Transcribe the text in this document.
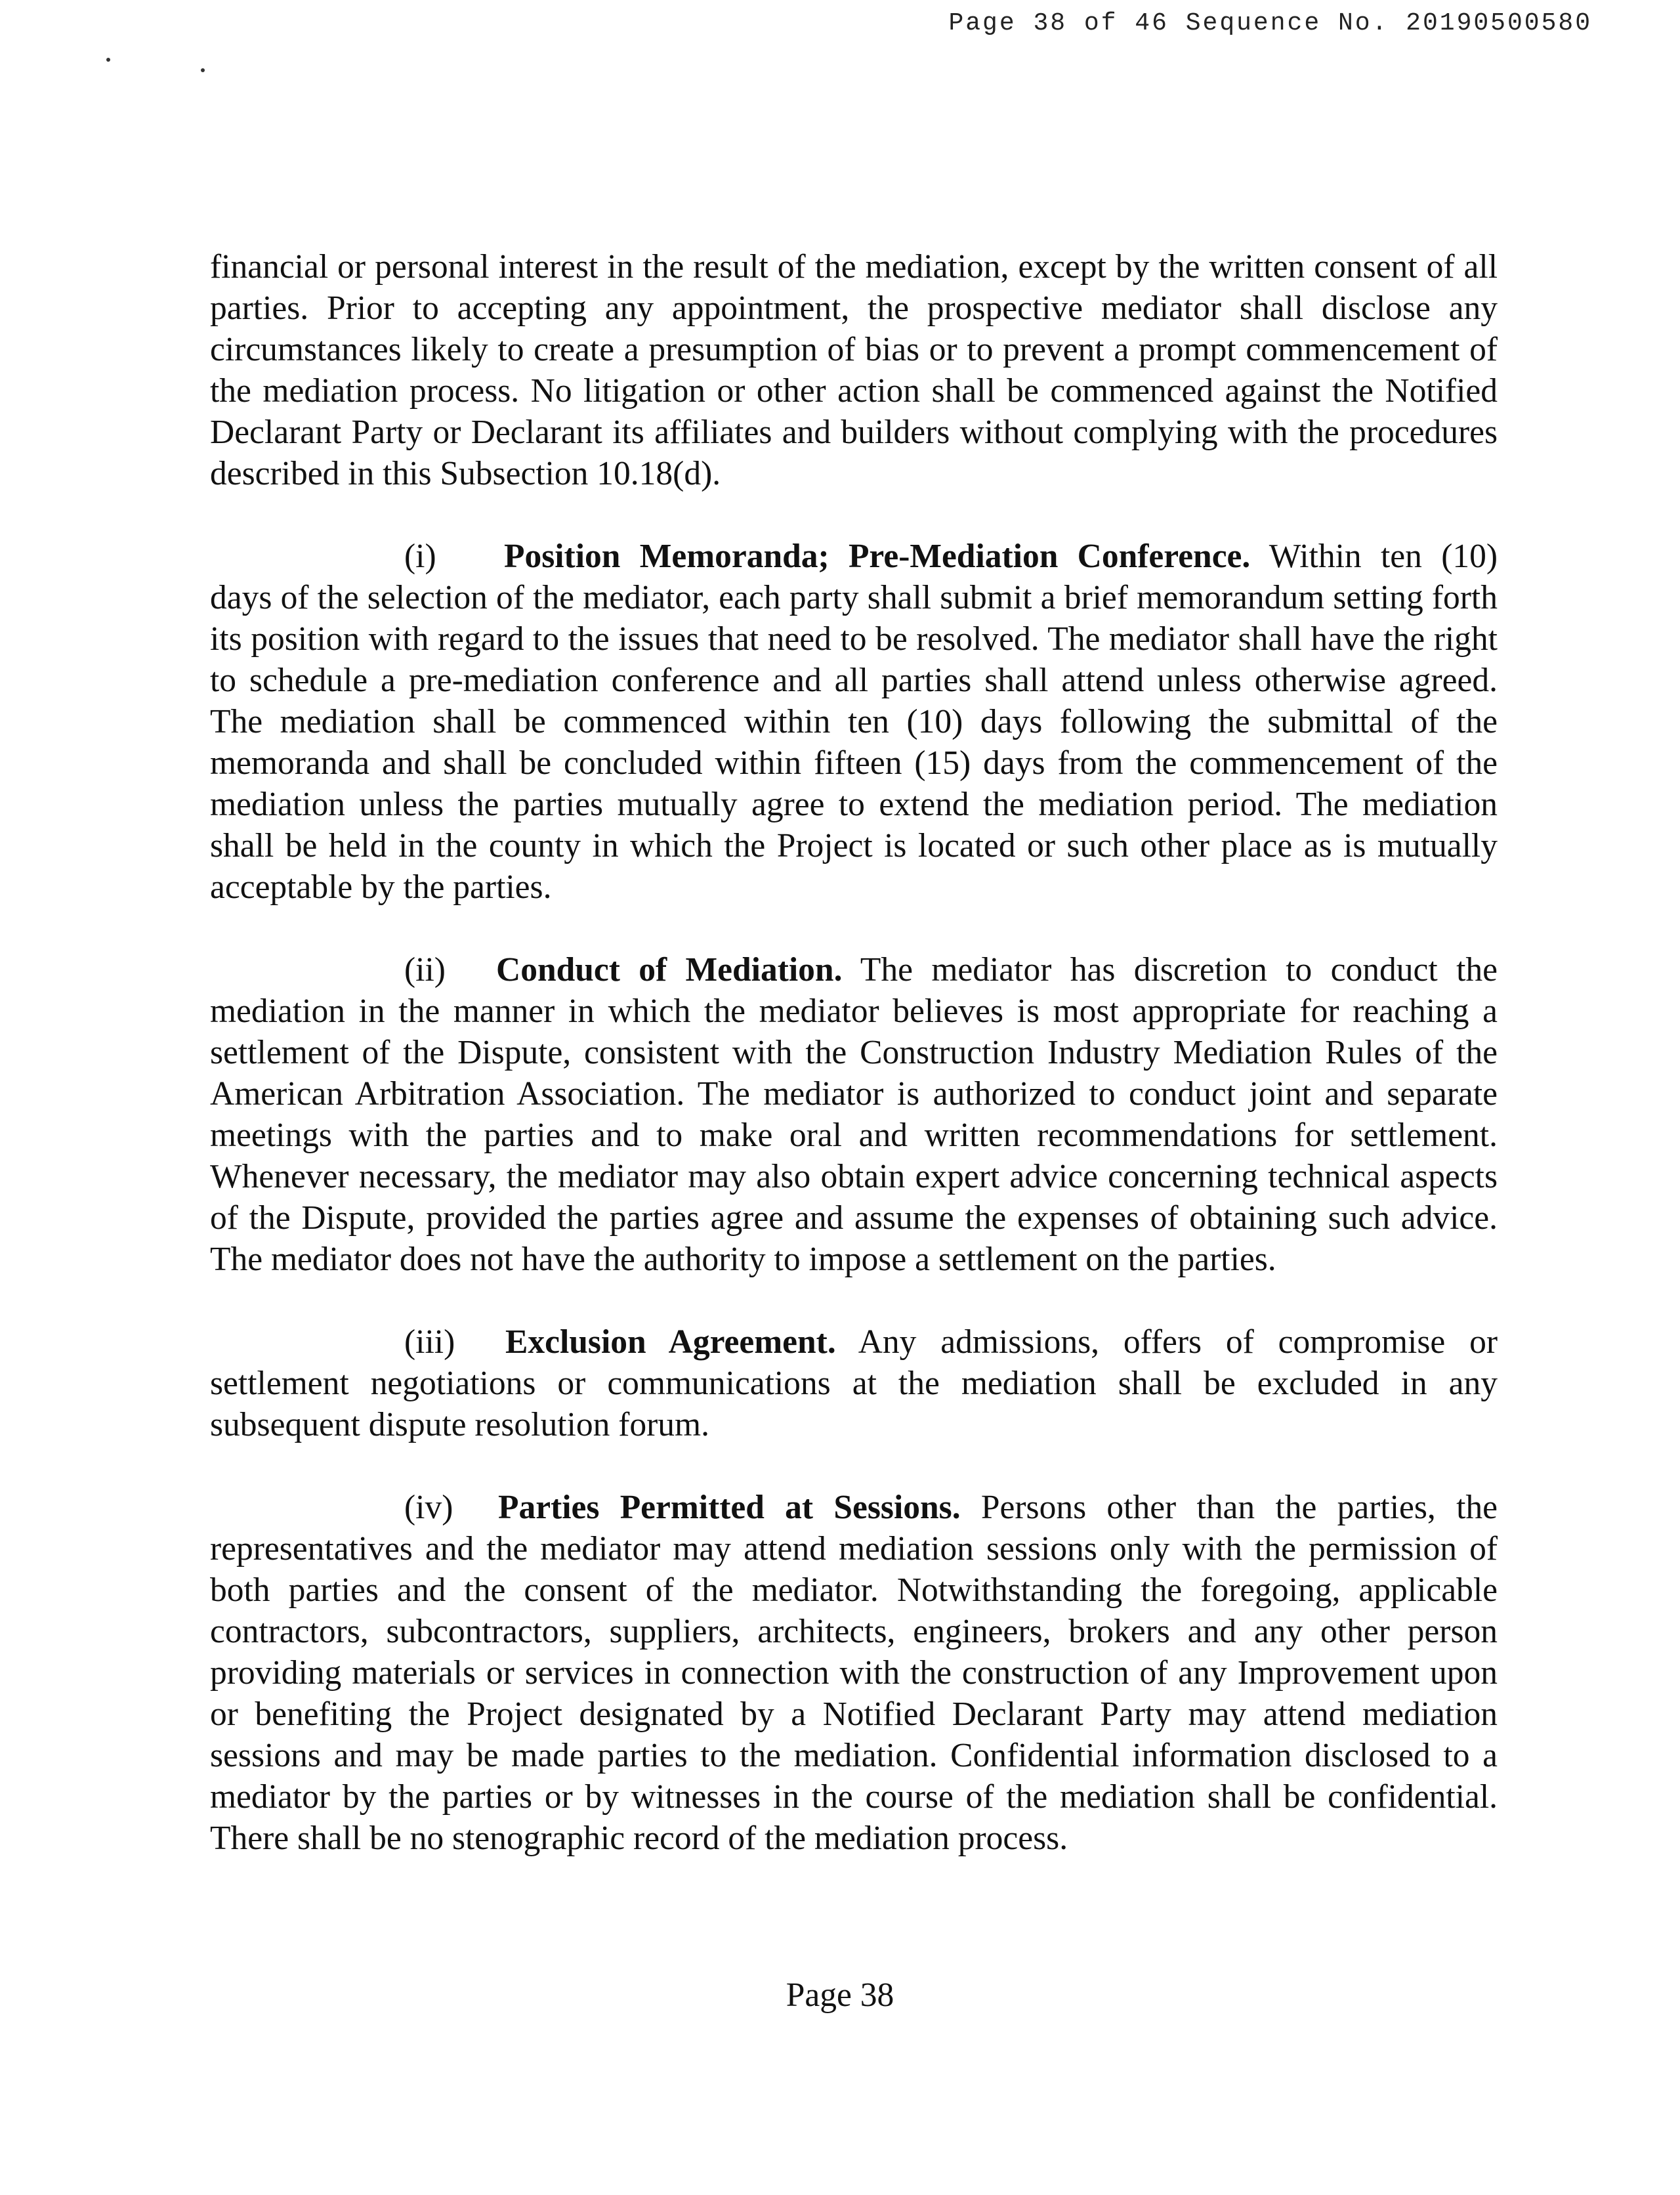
Page 38 of 46 Sequence No. 20190500580

financial or personal interest in the result of the mediation, except by the written consent of all parties. Prior to accepting any appointment, the prospective mediator shall disclose any circumstances likely to create a presumption of bias or to prevent a prompt commencement of the mediation process. No litigation or other action shall be commenced against the Notified Declarant Party or Declarant its affiliates and builders without complying with the procedures described in this Subsection 10.18(d).

(i) Position Memoranda; Pre-Mediation Conference. Within ten (10) days of the selection of the mediator, each party shall submit a brief memorandum setting forth its position with regard to the issues that need to be resolved. The mediator shall have the right to schedule a pre-mediation conference and all parties shall attend unless otherwise agreed. The mediation shall be commenced within ten (10) days following the submittal of the memoranda and shall be concluded within fifteen (15) days from the commencement of the mediation unless the parties mutually agree to extend the mediation period. The mediation shall be held in the county in which the Project is located or such other place as is mutually acceptable by the parties.

(ii) Conduct of Mediation. The mediator has discretion to conduct the mediation in the manner in which the mediator believes is most appropriate for reaching a settlement of the Dispute, consistent with the Construction Industry Mediation Rules of the American Arbitration Association. The mediator is authorized to conduct joint and separate meetings with the parties and to make oral and written recommendations for settlement. Whenever necessary, the mediator may also obtain expert advice concerning technical aspects of the Dispute, provided the parties agree and assume the expenses of obtaining such advice. The mediator does not have the authority to impose a settlement on the parties.

(iii) Exclusion Agreement. Any admissions, offers of compromise or settlement negotiations or communications at the mediation shall be excluded in any subsequent dispute resolution forum.

(iv) Parties Permitted at Sessions. Persons other than the parties, the representatives and the mediator may attend mediation sessions only with the permission of both parties and the consent of the mediator. Notwithstanding the foregoing, applicable contractors, subcontractors, suppliers, architects, engineers, brokers and any other person providing materials or services in connection with the construction of any Improvement upon or benefiting the Project designated by a Notified Declarant Party may attend mediation sessions and may be made parties to the mediation. Confidential information disclosed to a mediator by the parties or by witnesses in the course of the mediation shall be confidential. There shall be no stenographic record of the mediation process.

Page 38
